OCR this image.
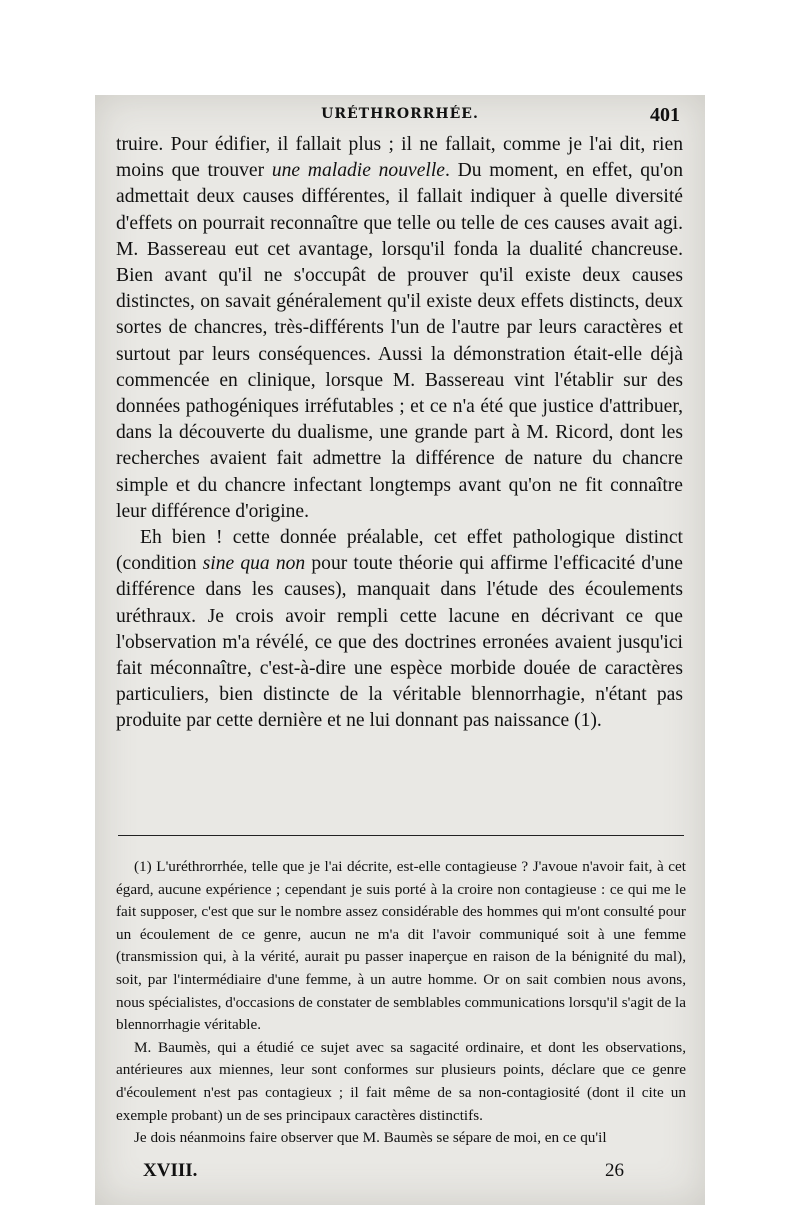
URÉTHRORRHÉE.	401

truire. Pour édifier, il fallait plus ; il ne fallait, comme je l'ai dit, rien moins que trouver une maladie nouvelle. Du moment, en effet, qu'on admettait deux causes différentes, il fallait indiquer à quelle diversité d'effets on pourrait reconnaître que telle ou telle de ces causes avait agi. M. Bassereau eut cet avantage, lorsqu'il fonda la dualité chancreuse. Bien avant qu'il ne s'occupât de prouver qu'il existe deux causes distinctes, on savait généralement qu'il existe deux effets distincts, deux sortes de chancres, très-différents l'un de l'autre par leurs caractères et surtout par leurs conséquences. Aussi la démonstration était-elle déjà commencée en clinique, lorsque M. Bassereau vint l'établir sur des données pathogéniques irréfutables ; et ce n'a été que justice d'attribuer, dans la découverte du dualisme, une grande part à M. Ricord, dont les recherches avaient fait admettre la différence de nature du chancre simple et du chancre infectant longtemps avant qu'on ne fit connaître leur différence d'origine.

Eh bien ! cette donnée préalable, cet effet pathologique distinct (condition sine qua non pour toute théorie qui affirme l'efficacité d'une différence dans les causes), manquait dans l'étude des écoulements uréthraux. Je crois avoir rempli cette lacune en décrivant ce que l'observation m'a révélé, ce que des doctrines erronées avaient jusqu'ici fait méconnaître, c'est-à-dire une espèce morbide douée de caractères particuliers, bien distincte de la véritable blennorrhagie, n'étant pas produite par cette dernière et ne lui donnant pas naissance (1).

(1) L'uréthrorrhée, telle que je l'ai décrite, est-elle contagieuse ? J'avoue n'avoir fait, à cet égard, aucune expérience ; cependant je suis porté à la croire non contagieuse : ce qui me le fait supposer, c'est que sur le nombre assez considérable des hommes qui m'ont consulté pour un écoulement de ce genre, aucun ne m'a dit l'avoir communiqué soit à une femme (transmission qui, à la vérité, aurait pu passer inaperçue en raison de la bénignité du mal), soit, par l'intermédiaire d'une femme, à un autre homme. Or on sait combien nous avons, nous spécialistes, d'occasions de constater de semblables communications lorsqu'il s'agit de la blennorrhagie véritable.

M. Baumès, qui a étudié ce sujet avec sa sagacité ordinaire, et dont les observations, antérieures aux miennes, leur sont conformes sur plusieurs points, déclare que ce genre d'écoulement n'est pas contagieux ; il fait même de sa non-contagiosité (dont il cite un exemple probant) un de ses principaux caractères distinctifs.

Je dois néanmoins faire observer que M. Baumès se sépare de moi, en ce qu'il

XVIII.	26
